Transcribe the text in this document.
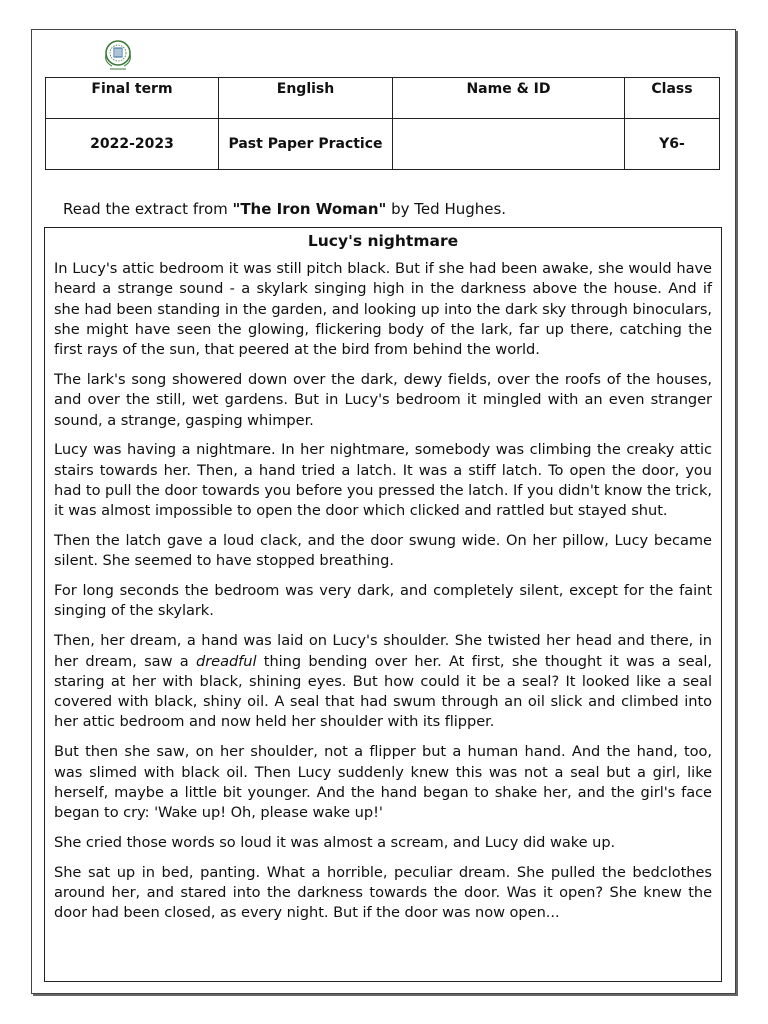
Final term	English	Name & ID	Class
2022-2023	Past Paper Practice		Y6-
Read the extract from "The Iron Woman" by Ted Hughes.
Lucy's nightmare

In Lucy's attic bedroom it was still pitch black. But if she had been awake, she would have heard a strange sound - a skylark singing high in the darkness above the house. And if she had been standing in the garden, and looking up into the dark sky through binoculars, she might have seen the glowing, flickering body of the lark, far up there, catching the first rays of the sun, that peered at the bird from behind the world.

The lark's song showered down over the dark, dewy fields, over the roofs of the houses, and over the still, wet gardens. But in Lucy's bedroom it mingled with an even stranger sound, a strange, gasping whimper.

Lucy was having a nightmare. In her nightmare, somebody was climbing the creaky attic stairs towards her. Then, a hand tried a latch. It was a stiff latch. To open the door, you had to pull the door towards you before you pressed the latch. If you didn't know the trick, it was almost impossible to open the door which clicked and rattled but stayed shut.

Then the latch gave a loud clack, and the door swung wide. On her pillow, Lucy became silent. She seemed to have stopped breathing.

For long seconds the bedroom was very dark, and completely silent, except for the faint singing of the skylark.

Then, her dream, a hand was laid on Lucy's shoulder. She twisted her head and there, in her dream, saw a dreadful thing bending over her. At first, she thought it was a seal, staring at her with black, shining eyes. But how could it be a seal? It looked like a seal covered with black, shiny oil. A seal that had swum through an oil slick and climbed into her attic bedroom and now held her shoulder with its flipper.

But then she saw, on her shoulder, not a flipper but a human hand. And the hand, too, was slimed with black oil. Then Lucy suddenly knew this was not a seal but a girl, like herself, maybe a little bit younger. And the hand began to shake her, and the girl's face began to cry: 'Wake up! Oh, please wake up!'

She cried those words so loud it was almost a scream, and Lucy did wake up.

She sat up in bed, panting. What a horrible, peculiar dream. She pulled the bedclothes around her, and stared into the darkness towards the door. Was it open? She knew the door had been closed, as every night. But if the door was now open...
